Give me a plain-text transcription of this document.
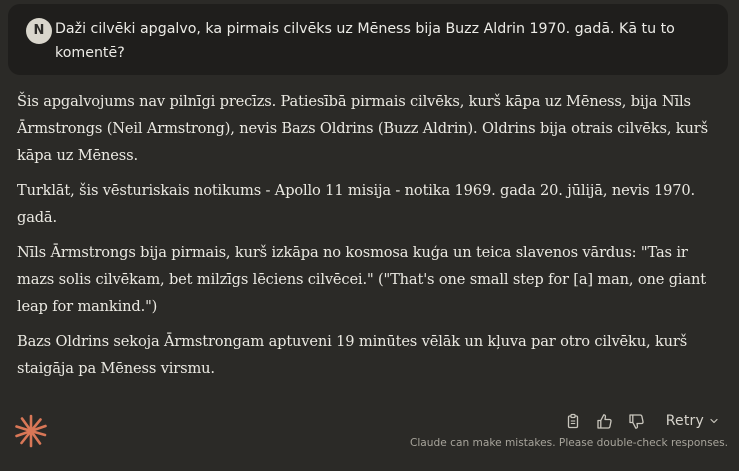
N Daži cilvēki apgalvo, ka pirmais cilvēks uz Mēness bija Buzz Aldrin 1970. gadā. Kā tu to komentē?

Šis apgalvojums nav pilnīgi precīzs. Patiesībā pirmais cilvēks, kurš kāpa uz Mēness, bija Nīls Ārmstrongs (Neil Armstrong), nevis Bazs Oldrins (Buzz Aldrin). Oldrins bija otrais cilvēks, kurš kāpa uz Mēness.

Turklāt, šis vēsturiskais notikums - Apollo 11 misija - notika 1969. gada 20. jūlijā, nevis 1970. gadā.

Nīls Ārmstrongs bija pirmais, kurš izkāpa no kosmosa kuģa un teica slavenos vārdus: "Tas ir mazs solis cilvēkam, bet milzīgs lēciens cilvēcei." ("That's one small step for [a] man, one giant leap for mankind.")

Bazs Oldrins sekoja Ārmstrongam aptuveni 19 minūtes vēlāk un kļuva par otro cilvēku, kurš staigāja pa Mēness virsmu.

Retry
Claude can make mistakes. Please double-check responses.
